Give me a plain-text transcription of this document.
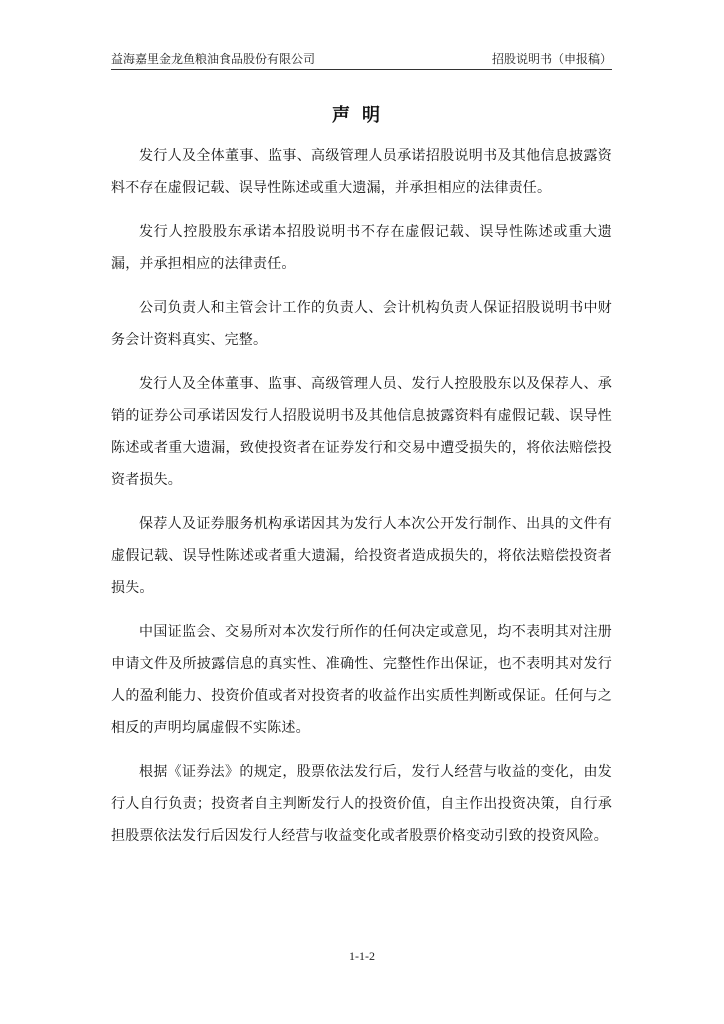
益海嘉里金龙鱼粮油食品股份有限公司	招股说明书（申报稿）
声明

发行人及全体董事、监事、高级管理人员承诺招股说明书及其他信息披露资料不存在虚假记载、误导性陈述或重大遗漏，并承担相应的法律责任。

发行人控股股东承诺本招股说明书不存在虚假记载、误导性陈述或重大遗漏，并承担相应的法律责任。

公司负责人和主管会计工作的负责人、会计机构负责人保证招股说明书中财务会计资料真实、完整。

发行人及全体董事、监事、高级管理人员、发行人控股股东以及保荐人、承销的证券公司承诺因发行人招股说明书及其他信息披露资料有虚假记载、误导性陈述或者重大遗漏，致使投资者在证券发行和交易中遭受损失的，将依法赔偿投资者损失。

保荐人及证券服务机构承诺因其为发行人本次公开发行制作、出具的文件有虚假记载、误导性陈述或者重大遗漏，给投资者造成损失的，将依法赔偿投资者损失。

中国证监会、交易所对本次发行所作的任何决定或意见，均不表明其对注册申请文件及所披露信息的真实性、准确性、完整性作出保证，也不表明其对发行人的盈利能力、投资价值或者对投资者的收益作出实质性判断或保证。任何与之相反的声明均属虚假不实陈述。

根据《证券法》的规定，股票依法发行后，发行人经营与收益的变化，由发行人自行负责；投资者自主判断发行人的投资价值，自主作出投资决策，自行承担股票依法发行后因发行人经营与收益变化或者股票价格变动引致的投资风险。

1-1-2
